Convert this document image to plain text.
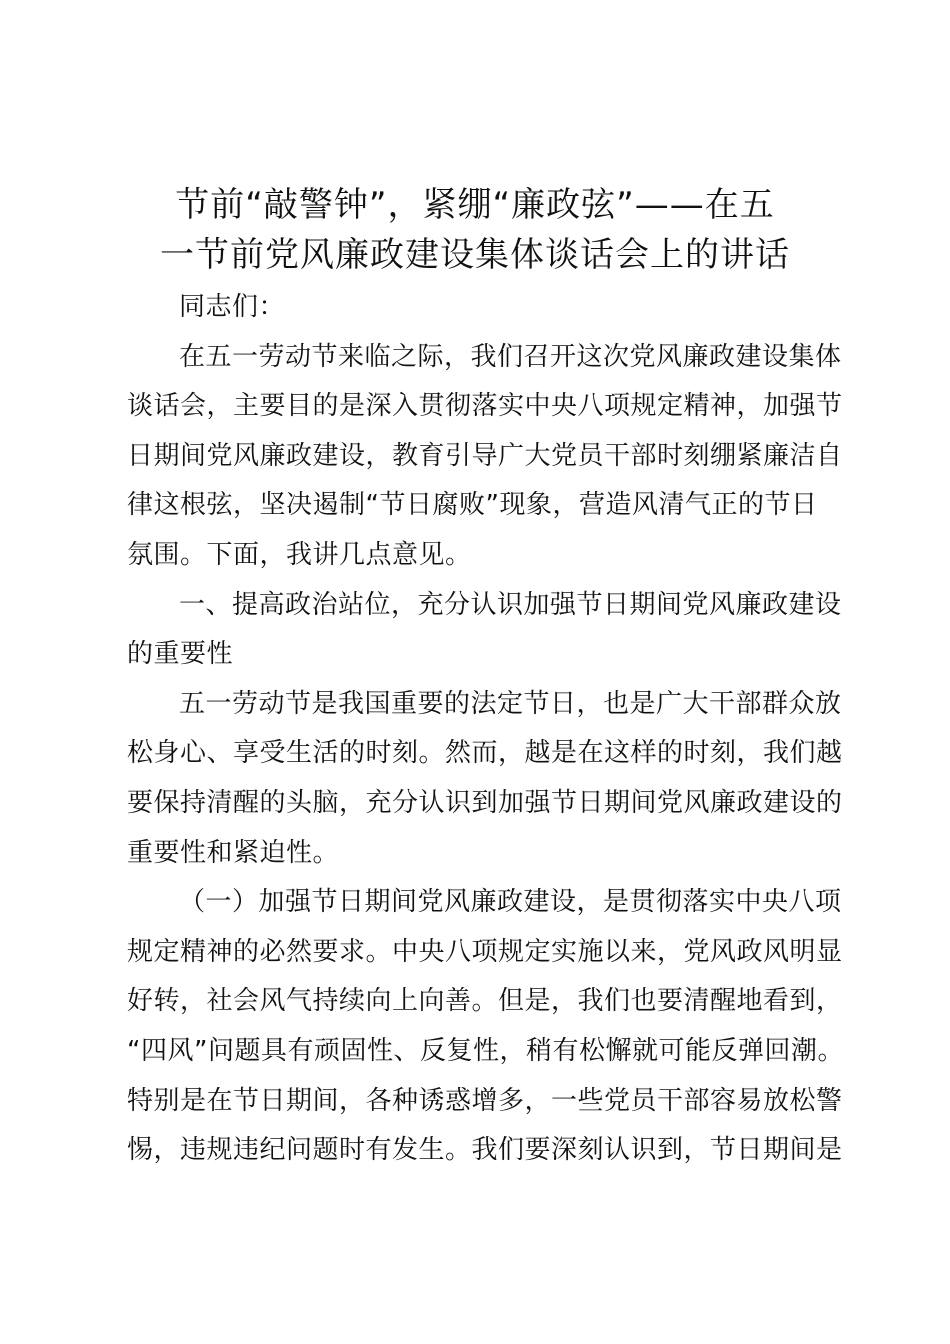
节前“敲警钟”，紧绷“廉政弦”——在五
一节前党风廉政建设集体谈话会上的讲话

同志们：

在五一劳动节来临之际，我们召开这次党风廉政建设集体
谈话会，主要目的是深入贯彻落实中央八项规定精神，加强节
日期间党风廉政建设，教育引导广大党员干部时刻绷紧廉洁自
律这根弦，坚决遏制“节日腐败”现象，营造风清气正的节日
氛围。下面，我讲几点意见。

一、提高政治站位，充分认识加强节日期间党风廉政建设
的重要性

五一劳动节是我国重要的法定节日，也是广大干部群众放
松身心、享受生活的时刻。然而，越是在这样的时刻，我们越
要保持清醒的头脑，充分认识到加强节日期间党风廉政建设的
重要性和紧迫性。

（一）加强节日期间党风廉政建设，是贯彻落实中央八项
规定精神的必然要求。中央八项规定实施以来，党风政风明显
好转，社会风气持续向上向善。但是，我们也要清醒地看到，
“四风”问题具有顽固性、反复性，稍有松懈就可能反弹回潮。
特别是在节日期间，各种诱惑增多，一些党员干部容易放松警
惕，违规违纪问题时有发生。我们要深刻认识到，节日期间是
